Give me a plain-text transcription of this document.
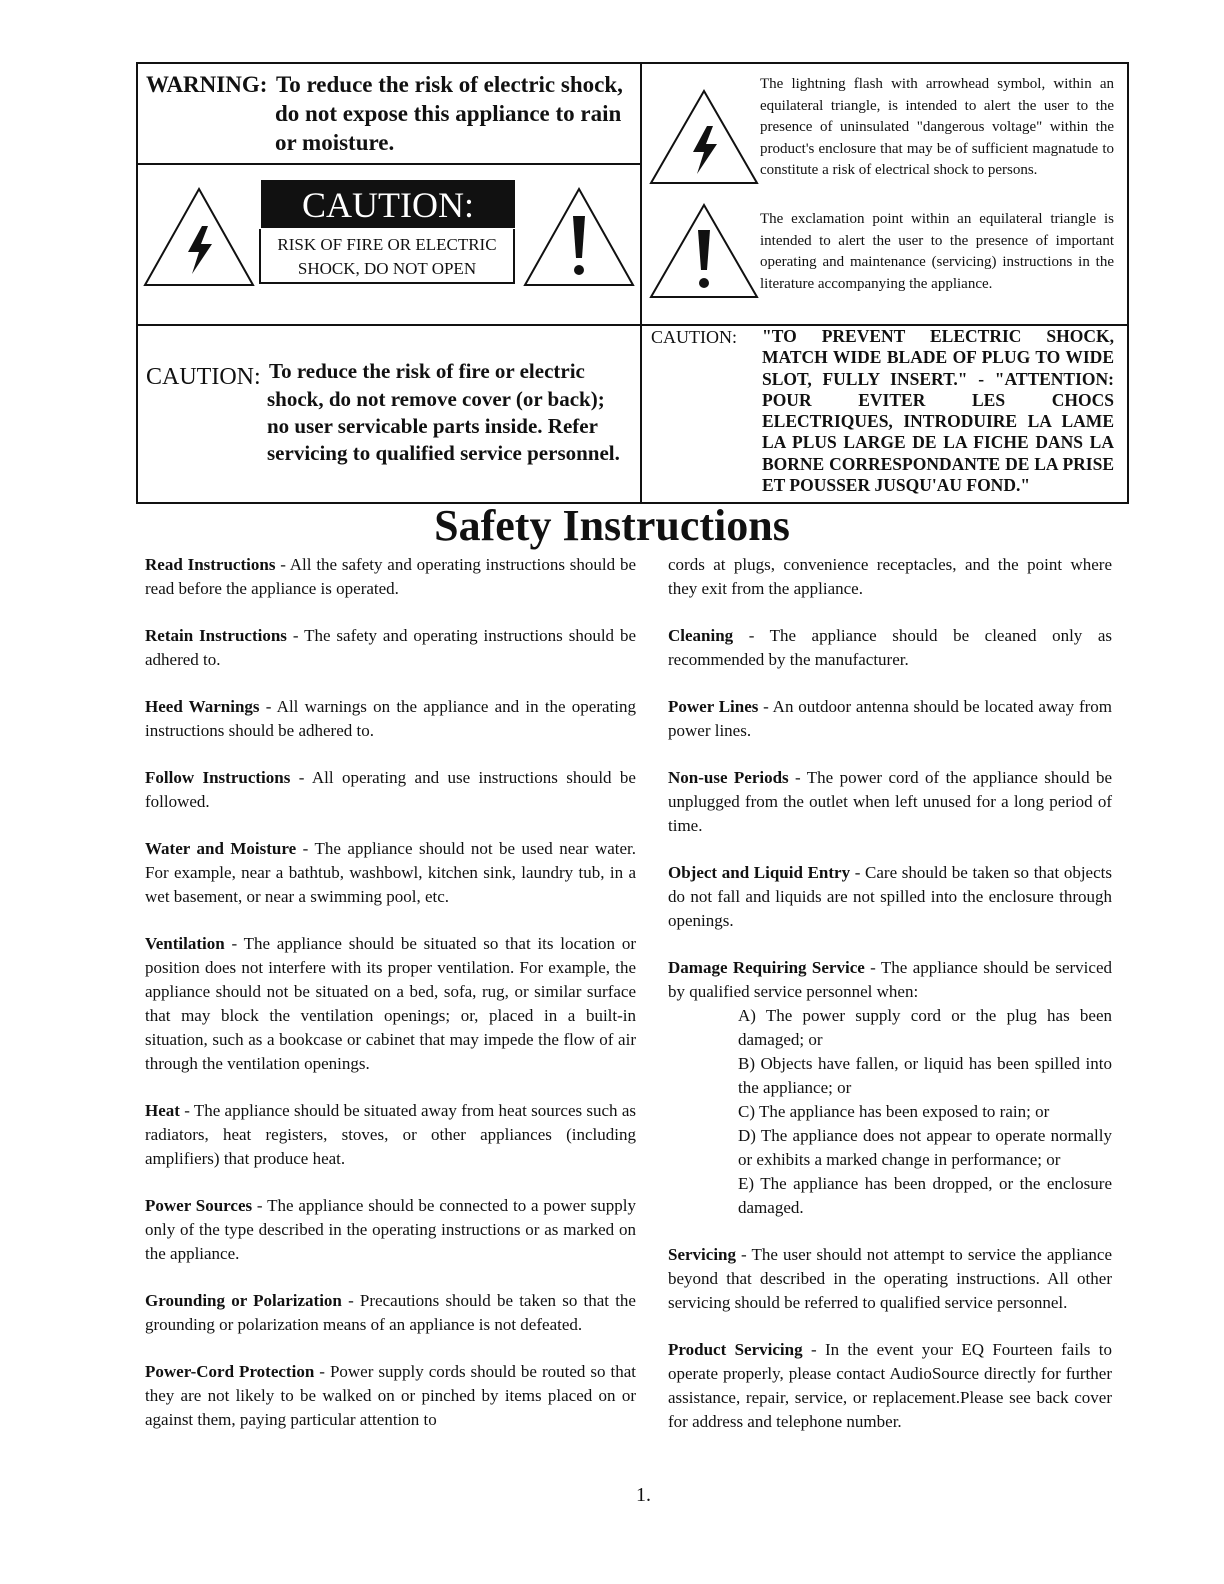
WARNING: To reduce the risk of electric shock,
do not expose this appliance to rain
or moisture.
CAUTION:
RISK OF FIRE OR ELECTRIC
SHOCK, DO NOT OPEN
CAUTION: To reduce the risk of fire or electric
shock, do not remove cover (or back);
no user servicable parts inside. Refer
servicing to qualified service personnel.
The lightning flash with arrowhead symbol, within an equilateral triangle, is intended to alert the user to the presence of uninsulated "dangerous voltage" within the product's enclosure that may be of sufficient magnatude to constitute a risk of electrical shock to persons.
The exclamation point within an equilateral triangle is intended to alert the user to the presence of important operating and maintenance (servicing) instructions in the literature accompanying the appliance.
CAUTION: "TO PREVENT ELECTRIC SHOCK, MATCH WIDE BLADE OF PLUG TO WIDE SLOT, FULLY INSERT." - "ATTENTION: POUR EVITER LES CHOCS ELECTRIQUES, INTRODUIRE LA LAME LA PLUS LARGE DE LA FICHE DANS LA BORNE CORRESPONDANTE DE LA PRISE ET POUSSER JUSQU'AU FOND."
Safety Instructions

Read Instructions - All the safety and operating instructions should be read before the appliance is operated.

Retain Instructions - The safety and operating instructions should be adhered to.

Heed Warnings - All warnings on the appliance and in the operating instructions should be adhered to.

Follow Instructions - All operating and use instructions should be followed.

Water and Moisture - The appliance should not be used near water. For example, near a bathtub, washbowl, kitchen sink, laundry tub, in a wet basement, or near a swimming pool, etc.

Ventilation - The appliance should be situated so that its location or position does not interfere with its proper ventilation. For example, the appliance should not be situated on a bed, sofa, rug, or similar surface that may block the ventilation openings; or, placed in a built-in situation, such as a bookcase or cabinet that may impede the flow of air through the ventilation openings.

Heat - The appliance should be situated away from heat sources such as radiators, heat registers, stoves, or other appliances (including amplifiers) that produce heat.

Power Sources - The appliance should be connected to a power supply only of the type described in the operating instructions or as marked on the appliance.

Grounding or Polarization - Precautions should be taken so that the grounding or polarization means of an appliance is not defeated.

Power-Cord Protection - Power supply cords should be routed so that they are not likely to be walked on or pinched by items placed on or against them, paying particular attention to

cords at plugs, convenience receptacles, and the point where they exit from the appliance.

Cleaning - The appliance should be cleaned only as recommended by the manufacturer.

Power Lines - An outdoor antenna should be located away from power lines.

Non-use Periods - The power cord of the appliance should be unplugged from the outlet when left unused for a long period of time.

Object and Liquid Entry - Care should be taken so that objects do not fall and liquids are not spilled into the enclosure through openings.

Damage Requiring Service - The appliance should be serviced by qualified service personnel when:

A) The power supply cord or the plug has been damaged; or
B) Objects have fallen, or liquid has been spilled into the appliance; or
C) The appliance has been exposed to rain; or
D) The appliance does not appear to operate normally or exhibits a marked change in performance; or
E) The appliance has been dropped, or the enclosure damaged.

Servicing - The user should not attempt to service the appliance beyond that described in the operating instructions. All other servicing should be referred to qualified service personnel.

Product Servicing - In the event your EQ Fourteen fails to operate properly, please contact AudioSource directly for further assistance, repair, service, or replacement.Please see back cover for address and telephone number.

1.
